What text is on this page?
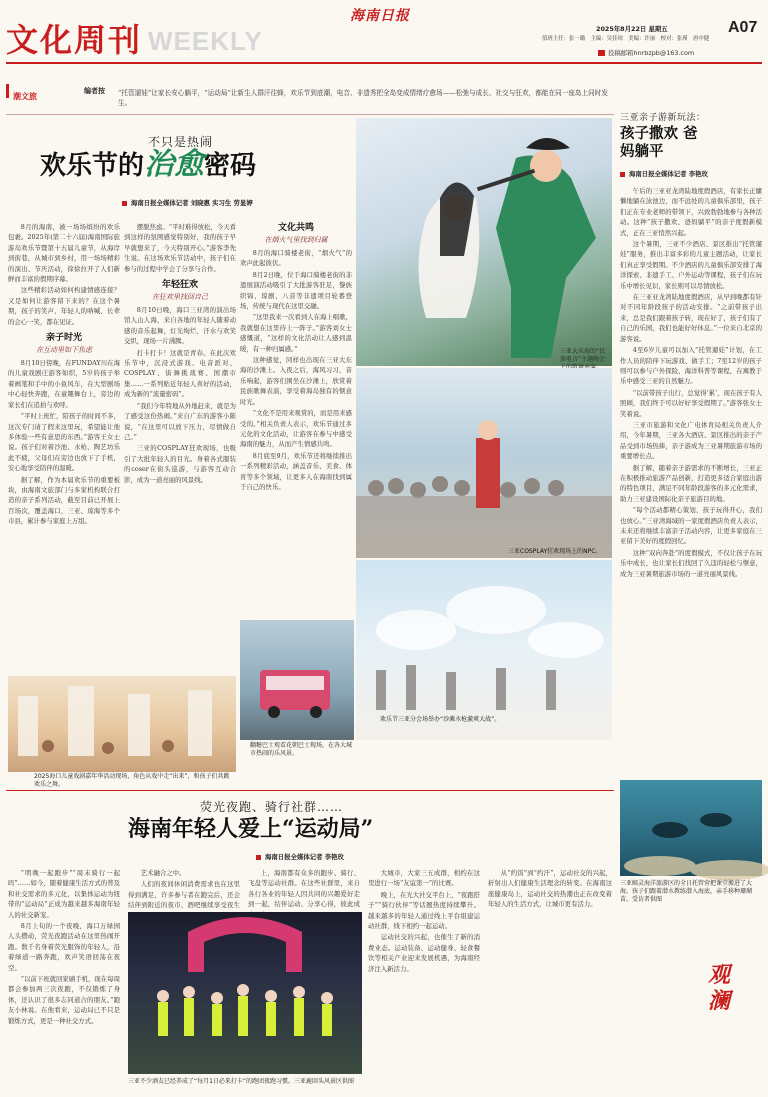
海南日报
文化周刊 WEEKLY	2025年8月22日 星期五	A07
值班主任：张一璐　主编：吴佳琼　美编：许丽　校对：张瑾　唐中健
投稿邮箱hnrbzpb@163.com
潮文旅
编者按 “托管遛娃”让家长安心躺平，“运动局”让新生人群汗往蜂，欢乐节到底潮，电音、非遗秀把全岛变成情绪疗愈场——松弛与成长、社交与狂欢，都能在同一座岛上同时发生。
不只是热闹
欢乐节的治愈密码
海南日报全媒体记者 刘晓惠 实习生 劳显婷

8月的海南，被一场场缤纷的欢乐包裹。2025年(第二十六届)海南国际旅游岛欢乐节暨第十五届儿童节，从海岸到街巷，从城市到乡村，用一场场精彩的演出、节庆活动，徐徐拉开了人们新鲜而丰富的假期序幕。

这些精彩活动如何构建情感连接？又是如何让游客留下来的？在这个暑期，孩子的笑声、年轻人的呐喊、长辈的会心一笑，都在见证。

亲子时光
在互动里如下焦虑

8月10日傍晚，在FUNDAY川在海的儿童戏剧庄游客如织，5岁的孩子举着画笔和手中的小鱼风车，在大型剧场中心轻快奔跑，在童趣舞台上，旁边的家长们在追拍与欢呼。

“平时上班忙，陪孩子的时间不多，这次专门请了假来这里玩，希望能让他多体验一些有意思的东西。”游客王女士说。孩子们对着沙池、水枪、陶艺坊乐此不疲，父母们在旁边也放下了手机，安心地享受陪伴的温暖。

据了解，作为本届欢乐节的重要板块，由海南文旅部门与多家机构联合打造的亲子系列活动，截至目前已开展上百场次，覆盖海口、三亚、琼海等多个市县，累计参与家庭上万组。

摆脱焦虑。“平时难得放松，今天看到这样的氛围感觉特别好，我的孩子早早就想来了，今天特别开心。”游客李先生说。在这场欢乐节活动中，孩子们在参与的过程中学会了分享与合作。

年轻狂欢
在狂欢里找回自己

8月10日晚，海口三亚湾的演出场馆人山人海，来自各地的年轻人随着动感的音乐起舞，灯光绚烂，汗水与欢笑交织，现场一片沸腾。

打卡打卡！这就是青春。在此次欢乐节中，沉浸式游戏、电音派对、COSPLAY、街舞挑战赛、国潮市集……一系列贴近年轻人喜好的活动，成为新的“流量密码”。

“我们今年特地从外地赶来，就是为了感受这份热闹。”来自广东的游客小陈说，“在这里可以放下压力，尽情做自己。”

三亚的COSPLAY狂欢现场，也吸引了大批年轻人的目光。身着各式服装的coser在街头巡游，与游客互动合影，成为一道亮丽的风景线。

文化共鸣
在烟火气里找到归属

8月的海口骑楼老街，“烟火气”的欢声此起彼伏。

8月2日晚，位于海口骑楼老街的非遗展演活动吸引了大批游客驻足，黎族织锦、琼剧、八音等非遗项目轮番登场，传统与现代在这里交融。

“这里我来一次看到人在海上唱歌，我就想在这里待上一阵子。”游客刘女士感慨道，“这样的文化活动让人感到温暖，有一种归属感。”

这种感觉，同样也出现在三亚大东海的沙滩上。入夜之后，海风习习，音乐响起，游客们围坐在沙滩上，欣赏着民族歌舞表演，享受着海岛独有的惬意时光。

“文化不是用来观赏的，而是用来感受的。”相关负责人表示，欢乐节通过多元化的文化活动，让游客在参与中感受海南的魅力，从而产生情感共鸣。

8月底至9月，欢乐节还将继续推出一系列精彩活动，涵盖音乐、美食、体育等多个领域，让更多人在海南找到属于自己的快乐。

三亚大东海的“民族电音”主题晚会
三亚COSPLAY狂欢现场上的NPC。
欢乐节三亚分会场举办“沙滩水枪激爽大战”。
翻糖巴士观看花朝巴士现场，在各大城市热闹的乐风景。
2025海口儿童戏剧嘉年华活动现场，角色从戏中走“出来”，和孩子们共跳欢乐之舞。
三亚亲子游新玩法：
孩子撒欢 爸妈躺平
海南日报全媒体记者 李艳玫

午后的三亚亚龙湾陆地度假酒店，有家长正慵懒地躺在泳池边，而不远处的儿童俱乐部里，孩子们正在专业老师的带领下，兴致勃勃地参与各种活动。这种“孩子撒欢、爸妈躺平”的亲子度假新模式，正在三亚悄然兴起。

这个暑期，三亚不少酒店、景区推出“托管遛娃”服务，推出丰富多彩的儿童主题活动，让家长们真正享受假期。不少酒店的儿童俱乐部安排了海洋探索、非遗手工、户外运动等课程，孩子们在玩乐中增长见识，家长则可以尽情放松。

在三亚亚龙湾陆地度假酒店，从早到晚都有针对不同年龄段孩子的活动安排。“之前带孩子出来，总是我们跟着孩子转，现在好了，孩子们有了自己的乐园，我们也能好好休息。”一位来自北京的游客说。

4至6岁儿童可以加入“托管遛娃”计划，在工作人员的陪伴下玩游戏、做手工；7至12岁的孩子则可以参与户外探险、海洋科普等课程，在寓教于乐中感受三亚的自然魅力。

“以前带孩子出行，总觉得‘累’，现在孩子有人照顾，我们终于可以好好享受假期了。”游客张女士笑着说。

三亚市旅游和文化广电体育局相关负责人介绍，今年暑期，三亚各大酒店、景区推出的亲子产品受到市场热捧，亲子游成为三亚暑期旅游市场的重要增长点。

据了解，随着亲子游需求的不断增长，三亚正在积极推动旅游产品创新，打造更多适合家庭出游的特色项目，满足不同年龄段游客的多元化需求，助力三亚建设国际化亲子旅游目的地。

“每个活动都精心策划，孩子玩得开心，我们也放心。”三亚湾海域的一家度假酒店负责人表示，未来还将继续丰富亲子活动内容，让更多家庭在三亚留下美好的度假回忆。

这种“双向奔赴”的度假模式，不仅让孩子在玩乐中成长，也让家长们找回了久违的轻松与惬意，成为三亚暑期旅游市场的一道亮丽风景线。

三亚鲸灵海洋旅游区的全日托管营把课堂搬进了大海，孩子们跟着潜水教练潜入海底，亲手移种珊瑚苗。受访者供图
观澜
荧光夜跑、骑行社群……
海南年轻人爱上“运动局”
海南日报全媒体记者 李艳玫

“明晚一起跑步”“周末骑行一起吗”……如今，随着健康生活方式的普及和社交需求的多元化，以集体运动为纽带的“运动局”正成为越来越多海南年轻人的社交新宠。

8月上旬的一个夜晚，海口万绿园人头攒动，荧光夜跑活动在这里热闹开跑。数千名身着荧光服饰的年轻人，沿着绿道一路奔跑，欢声笑语回荡在夜空。

“以前下班就回家刷手机，现在每周都会参加两三次夜跑，不仅锻炼了身体，还认识了很多志同道合的朋友。”跑友小林说。在他看来，运动局已不只是锻炼方式，更是一种社交方式。

艺术融合之中。

人们的夜间休闲消费需求也在这里得到满足，许多参与者在跑完后，还会结伴到附近的夜市、酒吧继续享受夜生

上，海南都有众多的跑步、骑行、飞盘等运动社群。在这些社群里，来自各行各业的年轻人因共同的兴趣爱好走到一起，结伴运动、分享心得，彼此成

大城市，大家三五成群，相约在这里进行一场“友谊第一”的比赛。

晚上，在光大社交平台上，“夜跑搭子”“骑行伙伴”等话题热度持续攀升。越来越多的年轻人通过线上平台组建运动社群，线下相约一起运动。

运动社交的兴起，也催生了新的消费业态。运动装备、运动健身、轻食餐饮等相关产业迎来发展机遇，为海南经济注入新活力。

从“约饭”到“约汗”，运动社交的兴起，折射出人们健康生活理念的转变。在海南这座健康岛上，运动社交的热潮也正在改变着年轻人的生活方式，让城市更有活力。

三亚不少酒友已经养成了“每月1日必来打卡”的跑团夜跑习惯。三亚鹿回头风景区供图
